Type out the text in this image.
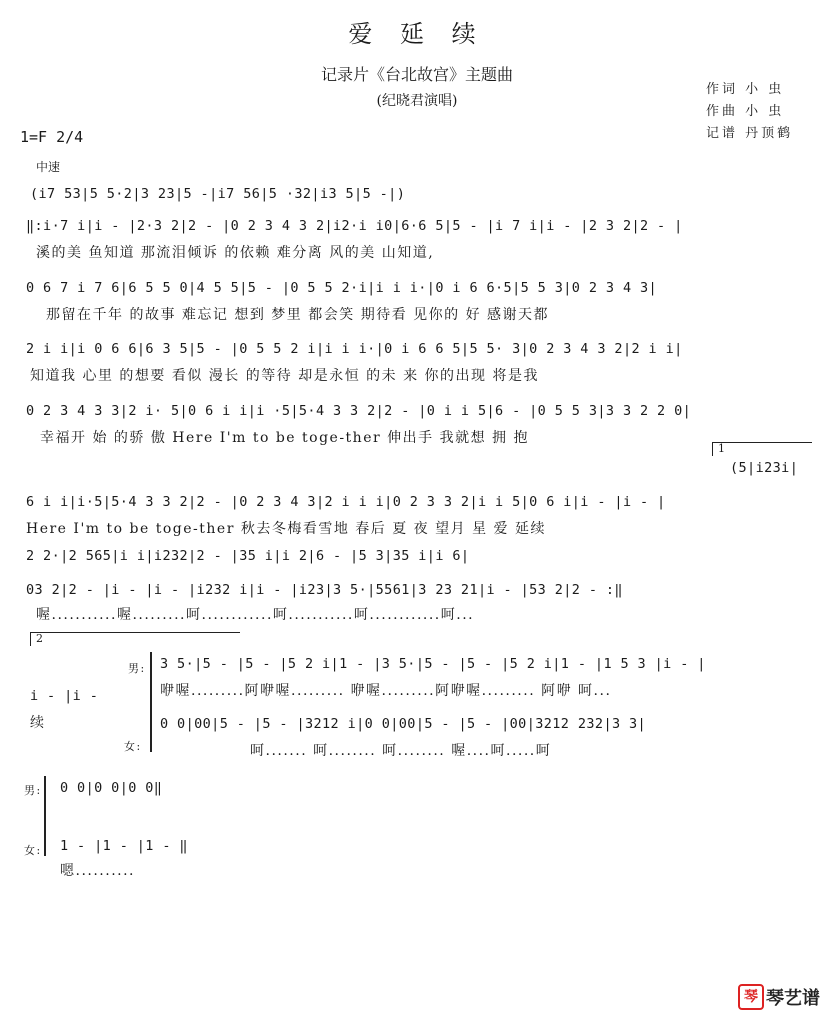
爱 延 续
记录片《台北故宫》主题曲
(纪晓君演唱)
作词 小 虫
作曲 小 虫
记谱 丹顶鹤
1=F 2/4
中速
(i7 53|5 5·2|3 23|5 -|i7 56|5 ·32|i3 5|5 -|)
‖:i·7 i|i - |2·3 2|2 - |0 2 3 4 3 2|i2·i i0|6·6 5|5 - |i 7 i|i - |2 3 2|2 - |
溪的美 鱼知道 那流泪倾诉 的依赖 难分离 风的美 山知道,
0 6 7 i 7 6|6 5 5 0|4 5 5|5 - |0 5 5 2·i|i i i·|0 i 6 6·5|5 5 3|0 2 3 4 3|
那留在千年 的故事 难忘记 想到 梦里 都会笑 期待看 见你的 好 感谢天都
2 i i|i 0 6 6|6 3 5|5 - |0 5 5 2 i|i i i·|0 i 6 6 5|5 5· 3|0 2 3 4 3 2|2 i i|
知道我 心里 的想要 看似 漫长 的等待 却是永恒 的未 来 你的出现 将是我
0 2 3 4 3 3|2 i· 5|0 6 i i|i ·5|5·4 3 3 2|2 - |0 i i 5|6 - |0 5 5 3|3 3 2 2 0|
幸福开 始 的骄 傲 Here I'm to be toge-ther 伸出手 我就想 拥 抱
1
(5|i23i|
6 i i|i·5|5·4 3 3 2|2 - |0 2 3 4 3|2 i i i|0 2 3 3 2|i i 5|0 6 i|i - |i - |
Here I'm to be toge-ther 秋去冬梅看雪地 春后 夏 夜 望月 星 爱 延续
2 2·|2 565|i i|i232|2 - |35 i|i 2|6 - |5 3|35 i|i 6|
03 2|2 - |i - |i - |i232 i|i - |i23|3 5·|5561|3 23 21|i - |53 2|2 - :‖
喔...........喔.........呵............呵...........呵............呵...
2
i - |i -
续
男:
女:
3 5·|5 - |5 - |5 2 i|1 - |3 5·|5 - |5 - |5 2 i|1 - |1 5 3 |i - |
咿喔.........阿咿喔......... 咿喔.........阿咿喔......... 阿咿 呵...
0 0|00|5 - |5 - |3212 i|0 0|00|5 - |5 - |00|3212 232|3 3|
呵....... 呵........ 呵........ 喔....呵.....呵
男:
女:
0 0|0 0|0 0‖
1 - |1 - |1 - ‖
嗯..........
琴 琴艺谱
